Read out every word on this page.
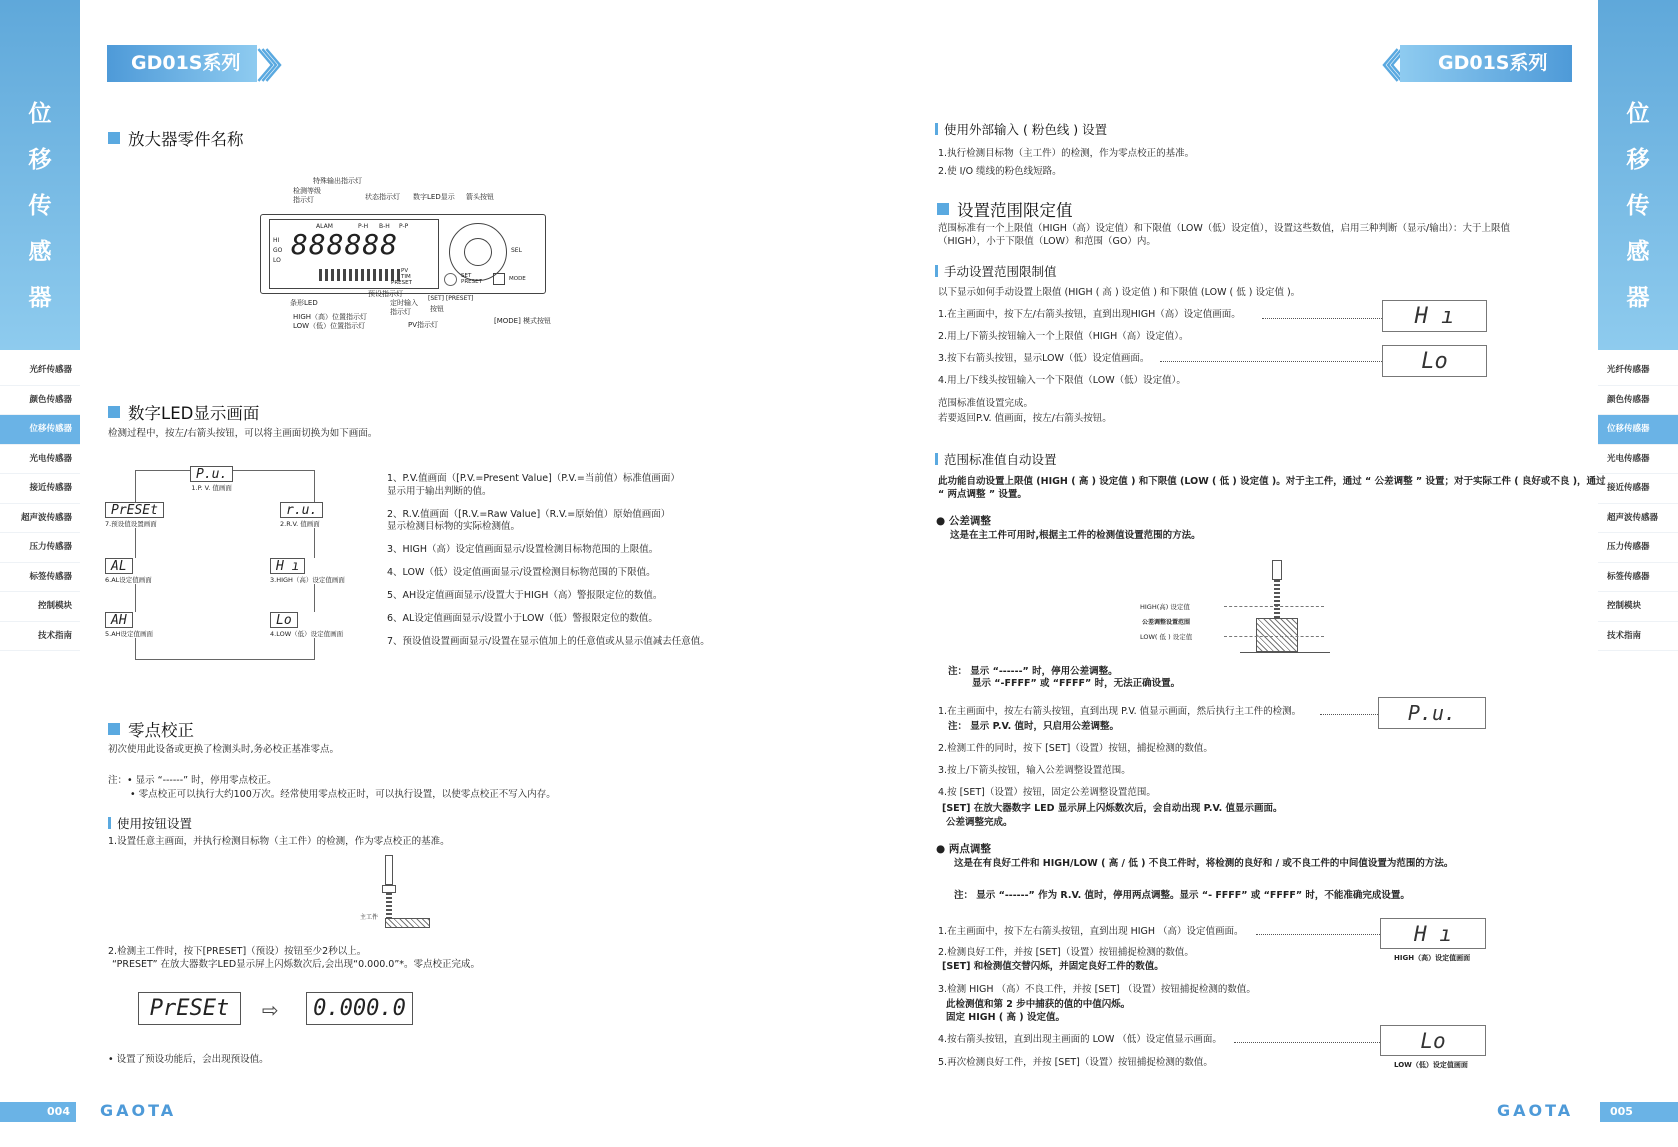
位
移
传
感
器
位
移
传
感
器
光纤传感器
颜色传感器
位移传感器
光电传感器
接近传感器
超声波传感器
压力传感器
标签传感器
控制模块
技术指南
光纤传感器
颜色传感器
位移传感器
光电传感器
接近传感器
超声波传感器
压力传感器
标签传感器
控制模块
技术指南
GD01S系列 〉〉〉	〈〈〈	GD01S系列
放大器零件名称
特殊输出指示灯
检测等级
指示灯	状态指示灯 数字LED显示 箭头按钮
ALAM	P-H B-H P-P
HI
GO
LO 888888
PV
TIM
PRESET
SEL
SET
PRESET	MODE
预设指示灯
条形LED	定时输入
指示灯
[SET] [PRESET]
按钮
HIGH（高）位置指示灯
LOW（低）位置指示灯	PV指示灯	[MODE] 模式按钮
数字LED显示画面
检测过程中，按左/右箭头按钮，可以将主画面切换为如下画面。
P.u.
1.P. V. 值画面
r.u.
2.R.V. 值画面
H ı
3.HIGH（高）设定值画面
Lo
4.LOW（低）设定值画面
AH
5.AH设定值画面
AL
6.AL设定值画面
PrESEt
7.预设值设置画面
1、P.V.值画面（[P.V.=Present Value]（P.V.=当前值）标准值画面）
显示用于输出判断的值。
2、R.V.值画面（[R.V.=Raw Value]（R.V.=原始值）原始值画面）
显示检测目标物的实际检测值。
3、HIGH（高）设定值画面显示/设置检测目标物范围的上限值。
4、LOW（低）设定值画面显示/设置检测目标物范围的下限值。
5、AH设定值画面显示/设置大于HIGH（高）警报限定位的数值。
6、AL设定值画面显示/设置小于LOW（低）警报限定位的数值。
7、预设值设置画面显示/设置在显示值加上的任意值或从显示值减去任意值。
零点校正
初次使用此设备或更换了检测头时,务必校正基准零点。
注：• 显示 “------” 时，停用零点校正。
• 零点校正可以执行大约100万次。经常使用零点校正时，可以执行设置，以使零点校正不写入内存。
使用按钮设置
1.设置任意主画面，并执行检测目标物（主工件）的检测，作为零点校正的基准。
主工件
2.检测主工件时，按下[PRESET]（预设）按钮至少2秒以上。
“PRESET” 在放大器数字LED显示屏上闪烁数次后,会出现“0.000.0”*。零点校正完成。
PrESEt	⇨	0.000.0
• 设置了预设功能后，会出现预设值。
使用外部输入 ( 粉色线 ) 设置
1.执行检测目标物（主工件）的检测，作为零点校正的基准。
2.使 I/O 缆线的粉色线短路。
设置范围限定值
范围标准有一个上限值（HIGH（高）设定值）和下限值（LOW（低）设定值），设置这些数值，启用三种判断（显示/输出）：大于上限值
（HIGH），小于下限值（LOW）和范围（GO）内。
手动设置范围限制值
以下显示如何手动设置上限值 (HIGH ( 高 ) 设定值 ) 和下限值 (LOW ( 低 ) 设定值 )。
1.在主画面中，按下左/右箭头按钮，直到出现HIGH（高）设定值画面。	H ı
2.用上/下箭头按钮输入一个上限值（HIGH（高）设定值）。
3.按下右箭头按钮，显示LOW（低）设定值画面。	Lo
4.用上/下线头按钮输入一个下限值（LOW（低）设定值）。
范围标准值设置完成。
若要返回P.V. 值画面，按左/右箭头按钮。
范围标准值自动设置
此功能自动设置上限值 (HIGH ( 高 ) 设定值 ) 和下限值 (LOW ( 低 ) 设定值 )。对于主工件，通过 “ 公差调整 ” 设置；对于实际工件 ( 良好或不良 )，通过
“ 两点调整 ” 设置。
● 公差调整
这是在主工件可用时,根据主工件的检测值设置范围的方法。
HIGH(高) 设定值
公差调整设置范围
LOW( 低 ) 设定值
注： 显示 “------” 时，停用公差调整。
显示 “-FFFF” 或 “FFFF” 时，无法正确设置。
1.在主画面中，按左右箭头按钮，直到出现 P.V. 值显示画面，然后执行主工件的检测。	P.u.
注： 显示 P.V. 值时，只启用公差调整。
2.检测工件的同时，按下 [SET]（设置）按钮，捕捉检测的数值。
3.按上/下箭头按钮，输入公差调整设置范围。
4.按 [SET]（设置）按钮，固定公差调整设置范围。
[SET] 在放大器数字 LED 显示屏上闪烁数次后，会自动出现 P.V. 值显示画面。
公差调整完成。
● 两点调整
这是在有良好工件和 HIGH/LOW ( 高 / 低 ) 不良工件时，将检测的良好和 / 或不良工件的中间值设置为范围的方法。
注： 显示 “------” 作为 R.V. 值时，停用两点调整。显示 “- FFFF” 或 “FFFF” 时，不能准确完成设置。
1.在主画面中，按下左右箭头按钮，直到出现 HIGH （高）设定值画面。	H ı
HIGH（高）设定值画面
2.检测良好工件，并按 [SET]（设置）按钮捕捉检测的数值。
[SET] 和检测值交替闪烁，并固定良好工件的数值。
3.检测 HIGH （高）不良工件，并按 [SET] （设置）按钮捕捉检测的数值。
此检测值和第 2 步中捕获的值的中值闪烁。
固定 HIGH ( 高 ) 设定值。
4.按右箭头按钮，直到出现主画面的 LOW （低）设定值显示画面。	Lo
LOW（低）设定值画面
5.再次检测良好工件，并按 [SET]（设置）按钮捕捉检测的数值。
004	GAOTA	GAOTA	005
